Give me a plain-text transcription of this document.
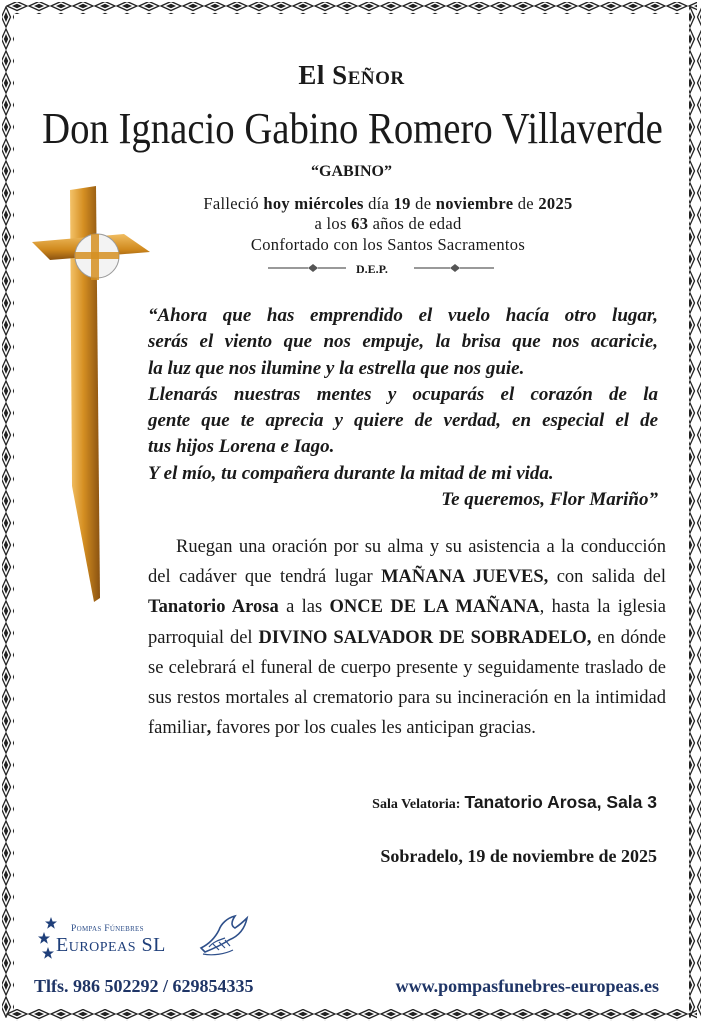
El Señor
Don Ignacio Gabino Romero Villaverde
“GABINO”
Falleció hoy miércoles día 19 de noviembre de 2025
a los 63 años de edad
Confortado con los Santos Sacramentos
D.E.P.

“Ahora que has emprendido el vuelo hacía otro lugar,

serás el viento que nos empuje, la brisa que nos acaricie,

la luz que nos ilumine y la estrella que nos guie.

Llenarás nuestras mentes y ocuparás el corazón de la

gente que te aprecia y quiere de verdad, en especial el de

tus hijos Lorena e Iago.

Y el mío, tu compañera durante la mitad de mi vida.

Te queremos, Flor Mariño”

Ruegan una oración por su alma y su asistencia a la conducción del cadáver que tendrá lugar MAÑANA JUEVES, con salida del Tanatorio Arosa a las ONCE DE LA MAÑANA, hasta la iglesia parroquial del DIVINO SALVADOR DE SOBRADELO, en dónde se celebrará el funeral de cuerpo presente y seguidamente traslado de sus restos mortales al crematorio para su incineración en la intimidad familiar, favores por los cuales les anticipan gracias.
Sala Velatoria: Tanatorio Arosa, Sala 3
Sobradelo, 19 de noviembre de 2025
Pompas Fúnebres
Europeas SL
Tlfs. 986 502292 / 629854335	www.pompasfunebres-europeas.es
